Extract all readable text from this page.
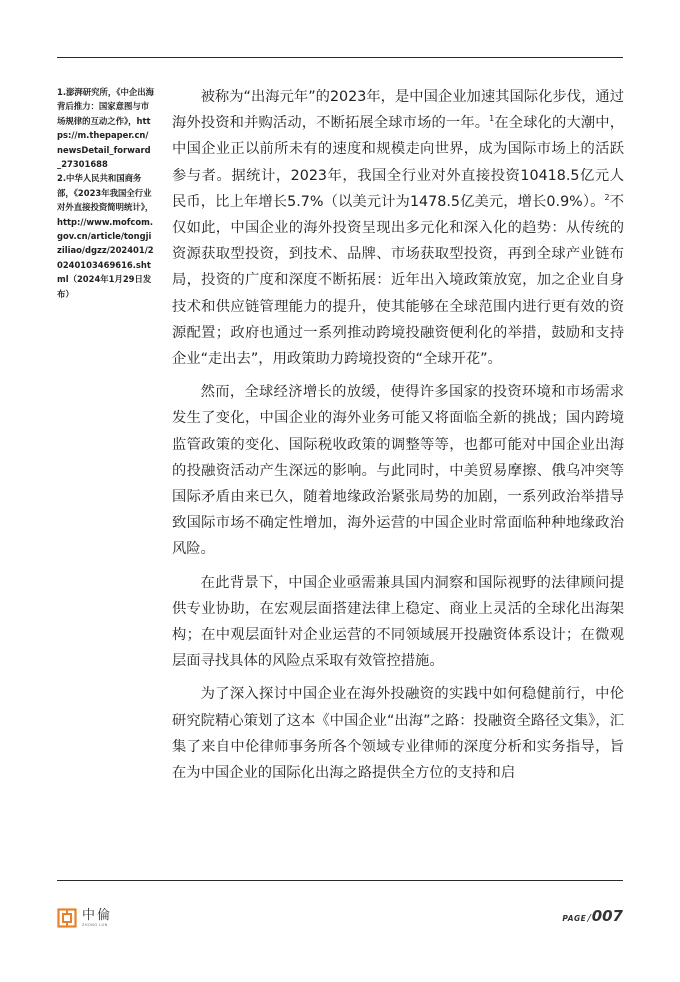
1.澎湃研究所，《中企出海背后推力：国家意图与市场规律的互动之作》，https://m.thepaper.cn/newsDetail_forward_27301688

2.中华人民共和国商务部，《2023年我国全行业对外直接投资简明统计》，http://www.mofcom.gov.cn/article/tongjiziliao/dgzz/202401/20240103469616.shtml（2024年1月29日发布）

被称为“出海元年”的2023年，是中国企业加速其国际化步伐，通过海外投资和并购活动，不断拓展全球市场的一年。$^1$在全球化的大潮中，中国企业正以前所未有的速度和规模走向世界，成为国际市场上的活跃参与者。据统计，2023年，我国全行业对外直接投资10418.5亿元人民币，比上年增长5.7%（以美元计为1478.5亿美元，增长0.9%）。$^2$不仅如此，中国企业的海外投资呈现出多元化和深入化的趋势：从传统的资源获取型投资，到技术、品牌、市场获取型投资，再到全球产业链布局，投资的广度和深度不断拓展：近年出入境政策放宽，加之企业自身技术和供应链管理能力的提升，使其能够在全球范围内进行更有效的资源配置；政府也通过一系列推动跨境投融资便利化的举措，鼓励和支持企业“走出去”，用政策助力跨境投资的“全球开花”。

然而，全球经济增长的放缓，使得许多国家的投资环境和市场需求发生了变化，中国企业的海外业务可能又将面临全新的挑战；国内跨境监管政策的变化、国际税收政策的调整等等，也都可能对中国企业出海的投融资活动产生深远的影响。与此同时，中美贸易摩擦、俄乌冲突等国际矛盾由来已久，随着地缘政治紧张局势的加剧，一系列政治举措导致国际市场不确定性增加，海外运营的中国企业时常面临种种地缘政治风险。

在此背景下，中国企业亟需兼具国内洞察和国际视野的法律顾问提供专业协助，在宏观层面搭建法律上稳定、商业上灵活的全球化出海架构；在中观层面针对企业运营的不同领域展开投融资体系设计；在微观层面寻找具体的风险点采取有效管控措施。

为了深入探讨中国企业在海外投融资的实践中如何稳健前行，中伦研究院精心策划了这本《中国企业“出海”之路：投融资全路径文集》，汇集了来自中伦律师事务所各个领域专业律师的深度分析和实务指导，旨在为中国企业的国际化出海之路提供全方位的支持和启

中倫
ZHONG LUN
PAGE / 007
